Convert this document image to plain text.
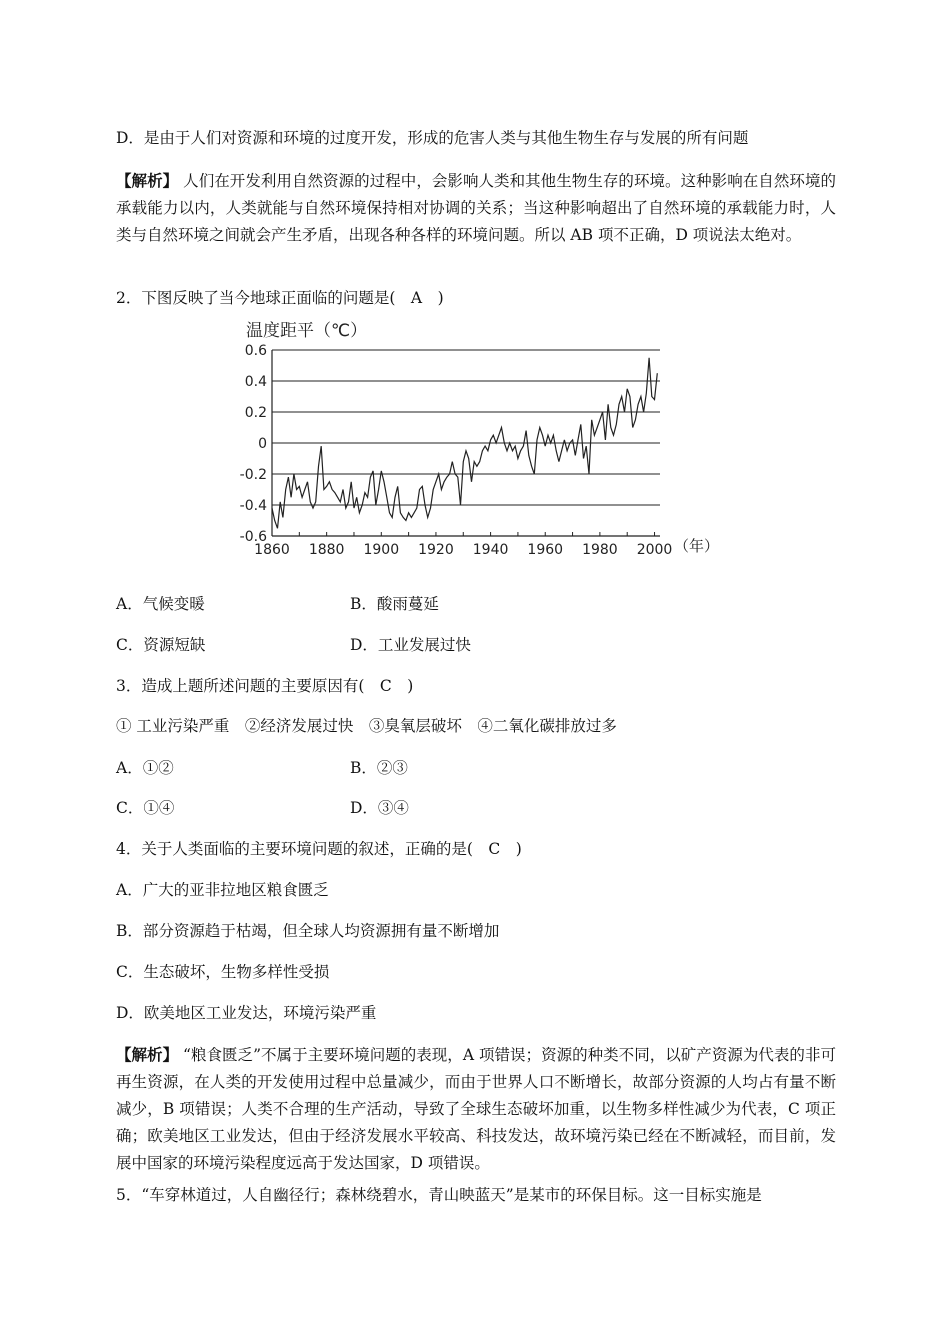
D．是由于人们对资源和环境的过度开发，形成的危害人类与其他生物生存与发展的所有问题
【解析】 人们在开发利用自然资源的过程中，会影响人类和其他生物生存的环境。这种影响在自然环境的承载能力以内，人类就能与自然环境保持相对协调的关系；当这种影响超出了自然环境的承载能力时，人类与自然环境之间就会产生矛盾，出现各种各样的环境问题。所以 AB 项不正确，D 项说法太绝对。
2．下图反映了当今地球正面临的问题是(　A　)
温度距平（℃）
0.6
0.4
0.2
0
-0.2
-0.4
-0.6
1860 1880 1900 1920 1940 1960 1980 2000 （年）
A．气候变暖	B．酸雨蔓延
C．资源短缺	D．工业发展过快
3．造成上题所述问题的主要原因有(　C　)
① 工业污染严重　②经济发展过快　③臭氧层破坏　④二氧化碳排放过多
A．①②	B．②③
C．①④	D．③④
4．关于人类面临的主要环境问题的叙述，正确的是(　C　)
A．广大的亚非拉地区粮食匮乏
B．部分资源趋于枯竭，但全球人均资源拥有量不断增加
C．生态破坏，生物多样性受损
D．欧美地区工业发达，环境污染严重
【解析】 “粮食匮乏”不属于主要环境问题的表现，A 项错误；资源的种类不同，以矿产资源为代表的非可再生资源，在人类的开发使用过程中总量减少，而由于世界人口不断增长，故部分资源的人均占有量不断减少，B 项错误；人类不合理的生产活动，导致了全球生态破坏加重，以生物多样性减少为代表，C 项正确；欧美地区工业发达，但由于经济发展水平较高、科技发达，故环境污染已经在不断减轻，而目前，发展中国家的环境污染程度远高于发达国家，D 项错误。
5．“车穿林道过，人自幽径行；森林绕碧水，青山映蓝天”是某市的环保目标。这一目标实施是
